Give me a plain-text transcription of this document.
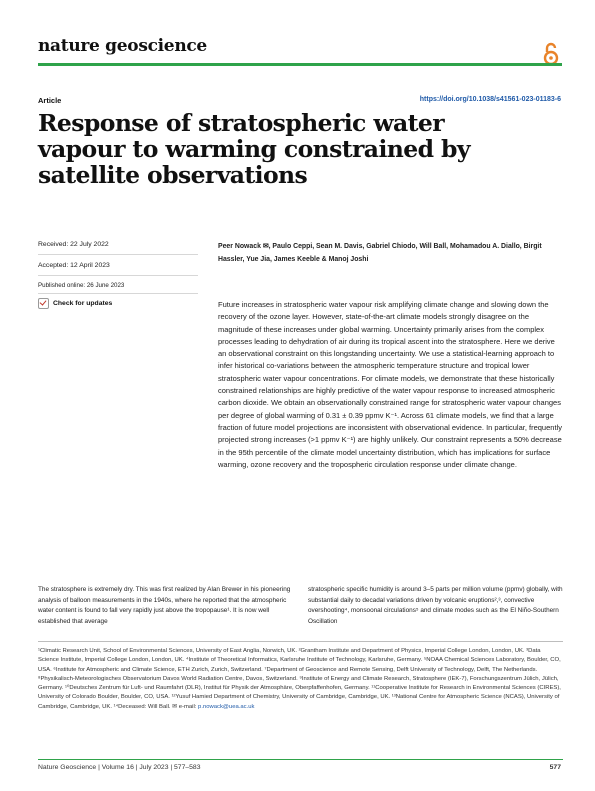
nature geoscience
Article	https://doi.org/10.1038/s41561-023-01183-6
Response of stratospheric water vapour to warming constrained by satellite observations
Received: 22 July 2022
Accepted: 12 April 2023
Published online: 26 June 2023
Check for updates
Peer Nowack ✉, Paulo Ceppi, Sean M. Davis, Gabriel Chiodo, Will Ball, Mohamadou A. Diallo, Birgit Hassler, Yue Jia, James Keeble & Manoj Joshi

Future increases in stratospheric water vapour risk amplifying climate change and slowing down the recovery of the ozone layer. However, state-of-the-art climate models strongly disagree on the magnitude of these increases under global warming. Uncertainty primarily arises from the complex processes leading to dehydration of air during its tropical ascent into the stratosphere. Here we derive an observational constraint on this longstanding uncertainty. We use a statistical-learning approach to infer historical co-variations between the atmospheric temperature structure and tropical lower stratospheric water vapour concentrations. For climate models, we demonstrate that these historically constrained relationships are highly predictive of the water vapour response to increased atmospheric carbon dioxide. We obtain an observationally constrained range for stratospheric water vapour changes per degree of global warming of 0.31 ± 0.39 ppmv K⁻¹. Across 61 climate models, we find that a large fraction of future model projections are inconsistent with observational evidence. In particular, frequently projected strong increases (>1 ppmv K⁻¹) are highly unlikely. Our constraint represents a 50% decrease in the 95th percentile of the climate model uncertainty distribution, which has implications for surface warming, ozone recovery and the tropospheric circulation response under climate change.

The stratosphere is extremely dry. This was first realized by Alan Brewer in his pioneering analysis of balloon measurements in the 1940s, where he reported that the atmospheric water content is found to fall very rapidly just above the tropopause¹. It is now well established that average

stratospheric specific humidity is around 3–5 parts per million volume (ppmv) globally, with substantial daily to decadal variations driven by volcanic eruptions²,³, convective overshooting⁴, monsoonal circulations⁵ and climate modes such as the El Niño-Southern Oscillation

¹Climatic Research Unit, School of Environmental Sciences, University of East Anglia, Norwich, UK. ²Grantham Institute and Department of Physics, Imperial College London, London, UK. ³Data Science Institute, Imperial College London, London, UK. ⁴Institute of Theoretical Informatics, Karlsruhe Institute of Technology, Karlsruhe, Germany. ⁵NOAA Chemical Sciences Laboratory, Boulder, CO, USA. ⁶Institute for Atmospheric and Climate Science, ETH Zurich, Zurich, Switzerland. ⁷Department of Geoscience and Remote Sensing, Delft University of Technology, Delft, The Netherlands. ⁸Physikalisch-Meteorologisches Observatorium Davos World Radiation Centre, Davos, Switzerland. ⁹Institute of Energy and Climate Research, Stratosphere (IEK-7), Forschungszentrum Jülich, Jülich, Germany. ¹⁰Deutsches Zentrum für Luft- und Raumfahrt (DLR), Institut für Physik der Atmosphäre, Oberpfaffenhofen, Germany. ¹¹Cooperative Institute for Research in Environmental Sciences (CIRES), University of Colorado Boulder, Boulder, CO, USA. ¹²Yusuf Hamied Department of Chemistry, University of Cambridge, Cambridge, UK. ¹³National Centre for Atmospheric Science (NCAS), University of Cambridge, Cambridge, UK. ¹⁴Deceased: Will Ball. ✉ e-mail: p.nowack@uea.ac.uk
Nature Geoscience | Volume 16 | July 2023 | 577–583	577
